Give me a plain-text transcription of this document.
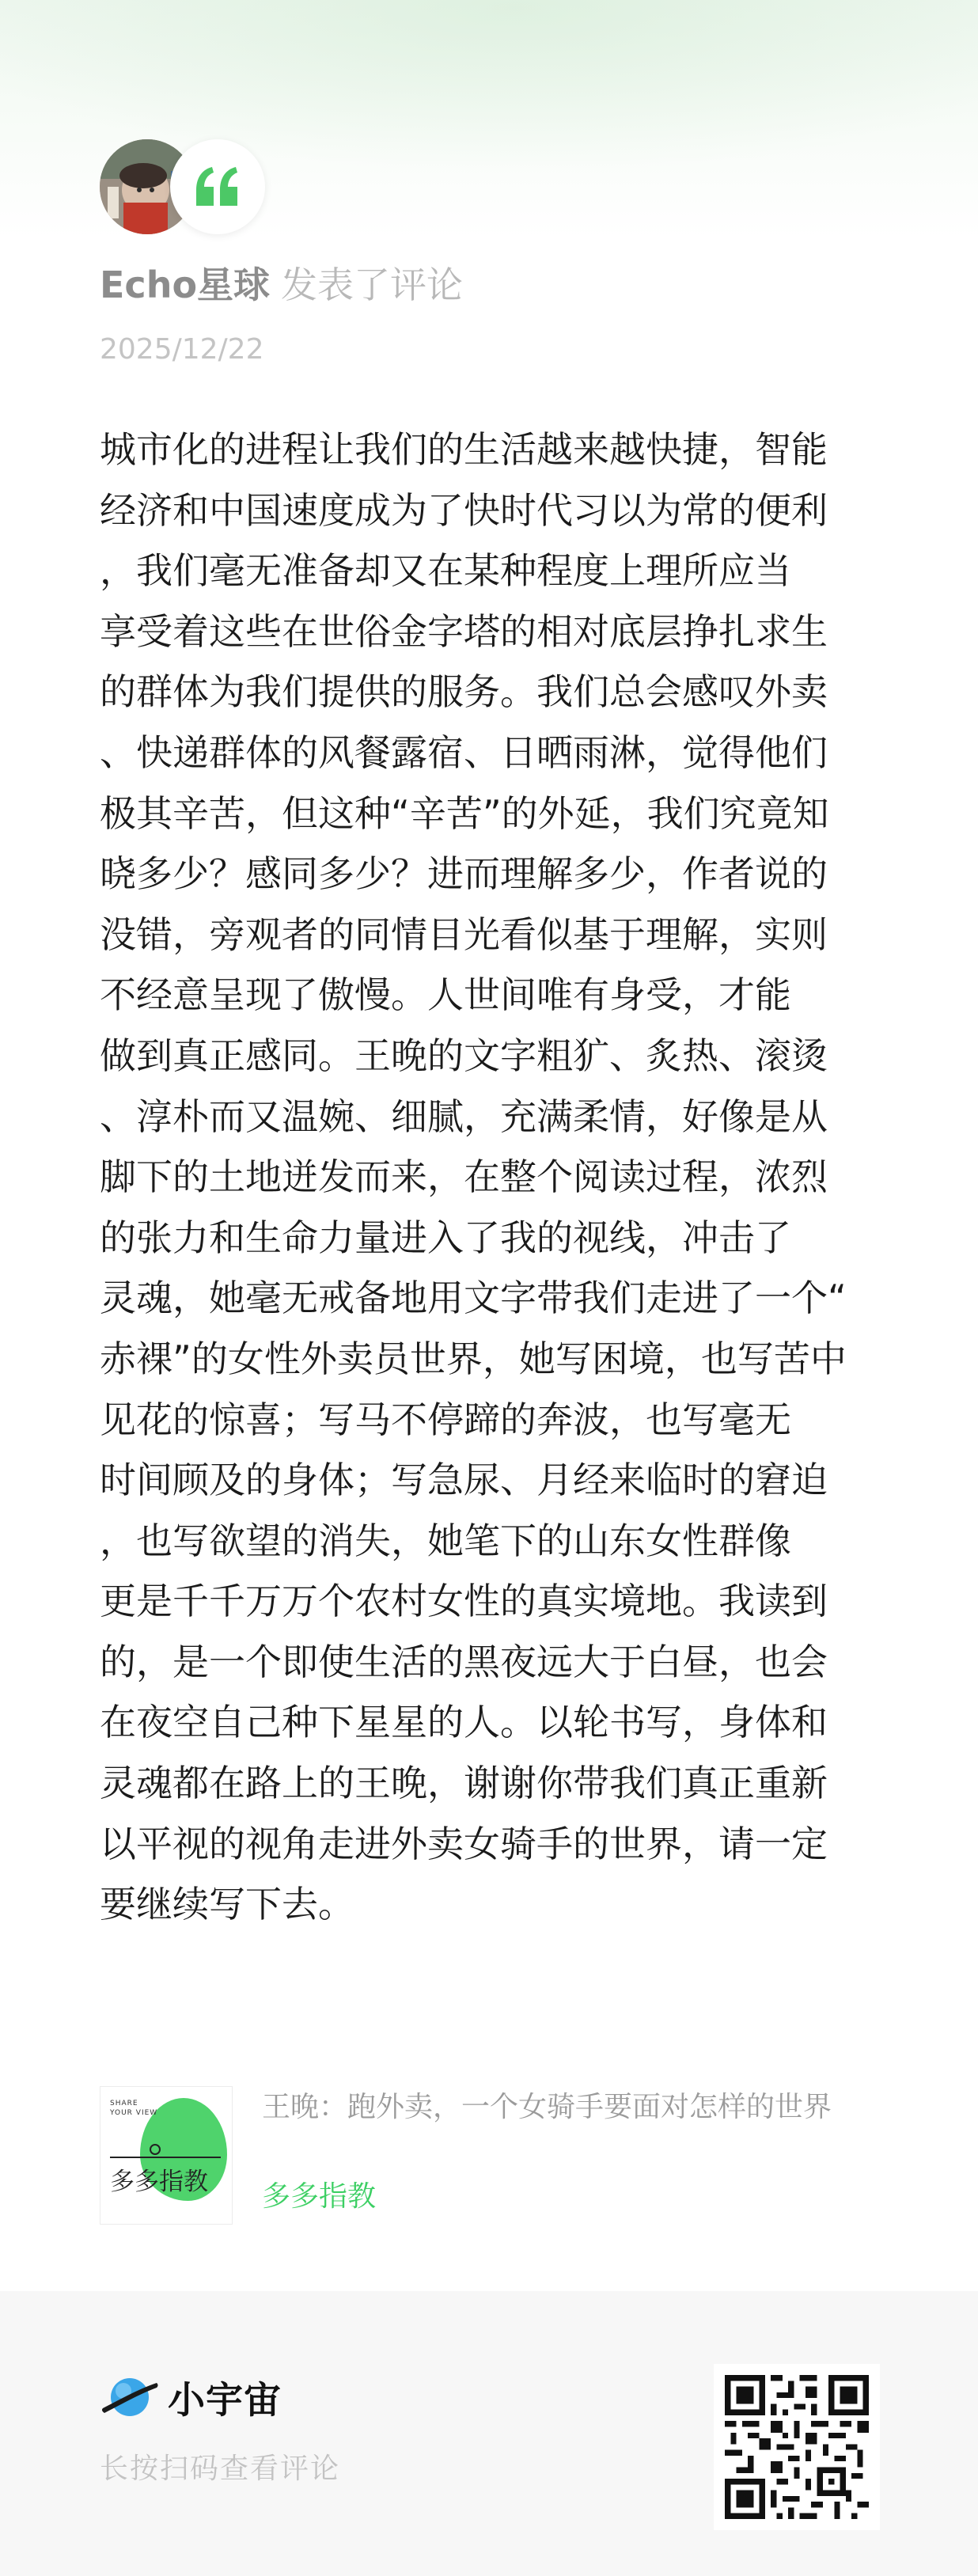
Echo星球 发表了评论
2025/12/22
城市化的进程让我们的生活越来越快捷，智能
经济和中国速度成为了快时代习以为常的便利
，我们毫无准备却又在某种程度上理所应当
享受着这些在世俗金字塔的相对底层挣扎求生
的群体为我们提供的服务。我们总会感叹外卖
、快递群体的风餐露宿、日晒雨淋，觉得他们
极其辛苦，但这种“辛苦”的外延，我们究竟知
晓多少？感同多少？进而理解多少，作者说的
没错，旁观者的同情目光看似基于理解，实则
不经意呈现了傲慢。人世间唯有身受，才能
做到真正感同。王晚的文字粗犷、炙热、滚烫
、淳朴而又温婉、细腻，充满柔情，好像是从
脚下的土地迸发而来，在整个阅读过程，浓烈
的张力和生命力量进入了我的视线，冲击了
灵魂，她毫无戒备地用文字带我们走进了一个“
赤裸”的女性外卖员世界，她写困境，也写苦中
见花的惊喜；写马不停蹄的奔波，也写毫无
时间顾及的身体；写急尿、月经来临时的窘迫
，也写欲望的消失，她笔下的山东女性群像
更是千千万万个农村女性的真实境地。我读到
的，是一个即使生活的黑夜远大于白昼，也会
在夜空自己种下星星的人。以轮书写，身体和
灵魂都在路上的王晚，谢谢你带我们真正重新
以平视的视角走进外卖女骑手的世界，请一定
要继续写下去。
SHARE
YOUR VIEW
多多指教
王晚：跑外卖，一个女骑手要面对怎样的世界
多多指教
小宇宙
长按扫码查看评论
